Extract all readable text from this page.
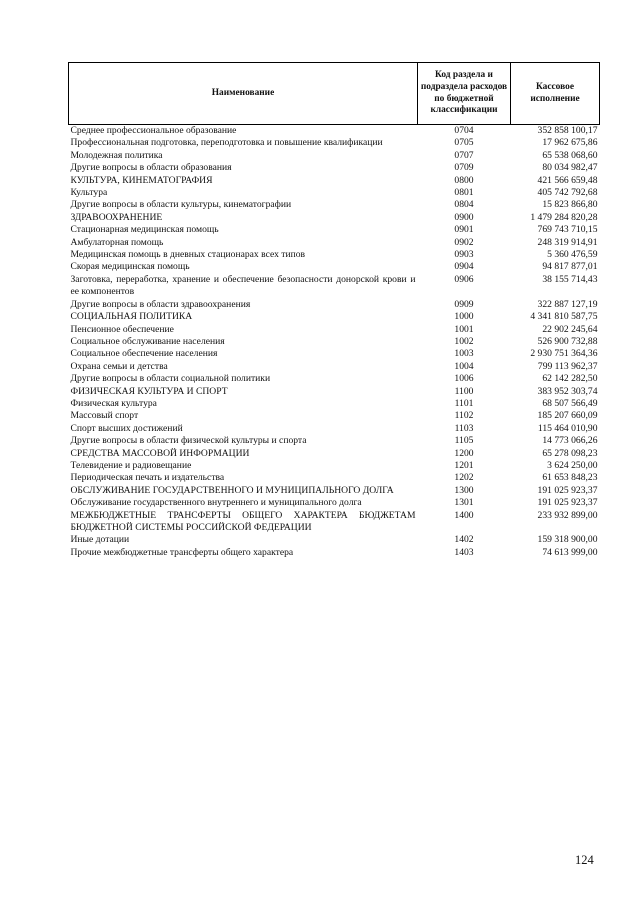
Наименование	Код раздела и подраздела расходов по бюджетной классификации	Кассовое исполнение
Среднее профессиональное образование	0704	352 858 100,17
Профессиональная подготовка, переподготовка и повышение квалификации	0705	17 962 675,86
Молодежная политика	0707	65 538 068,60
Другие вопросы в области образования	0709	80 034 982,47
КУЛЬТУРА, КИНЕМАТОГРАФИЯ	0800	421 566 659,48
Культура	0801	405 742 792,68
Другие вопросы в области культуры, кинематографии	0804	15 823 866,80
ЗДРАВООХРАНЕНИЕ	0900	1 479 284 820,28
Стационарная медицинская помощь	0901	769 743 710,15
Амбулаторная помощь	0902	248 319 914,91
Медицинская помощь в дневных стационарах всех типов	0903	5 360 476,59
Скорая медицинская помощь	0904	94 817 877,01
Заготовка, переработка, хранение и обеспечение безопасности донорской крови и ее компонентов	0906	38 155 714,43
Другие вопросы в области здравоохранения	0909	322 887 127,19
СОЦИАЛЬНАЯ ПОЛИТИКА	1000	4 341 810 587,75
Пенсионное обеспечение	1001	22 902 245,64
Социальное обслуживание населения	1002	526 900 732,88
Социальное обеспечение населения	1003	2 930 751 364,36
Охрана семьи и детства	1004	799 113 962,37
Другие вопросы в области социальной политики	1006	62 142 282,50
ФИЗИЧЕСКАЯ КУЛЬТУРА И СПОРТ	1100	383 952 303,74
Физическая культура	1101	68 507 566,49
Массовый спорт	1102	185 207 660,09
Спорт высших достижений	1103	115 464 010,90
Другие вопросы в области физической культуры и спорта	1105	14 773 066,26
СРЕДСТВА МАССОВОЙ ИНФОРМАЦИИ	1200	65 278 098,23
Телевидение и радиовещание	1201	3 624 250,00
Периодическая печать и издательства	1202	61 653 848,23
ОБСЛУЖИВАНИЕ ГОСУДАРСТВЕННОГО И МУНИЦИПАЛЬНОГО ДОЛГА	1300	191 025 923,37
Обслуживание государственного внутреннего и муниципального долга	1301	191 025 923,37
МЕЖБЮДЖЕТНЫЕ ТРАНСФЕРТЫ ОБЩЕГО ХАРАКТЕРА БЮДЖЕТАМ БЮДЖЕТНОЙ СИСТЕМЫ РОССИЙСКОЙ ФЕДЕРАЦИИ	1400	233 932 899,00
Иные дотации	1402	159 318 900,00
Прочие межбюджетные трансферты общего характера	1403	74 613 999,00
124
